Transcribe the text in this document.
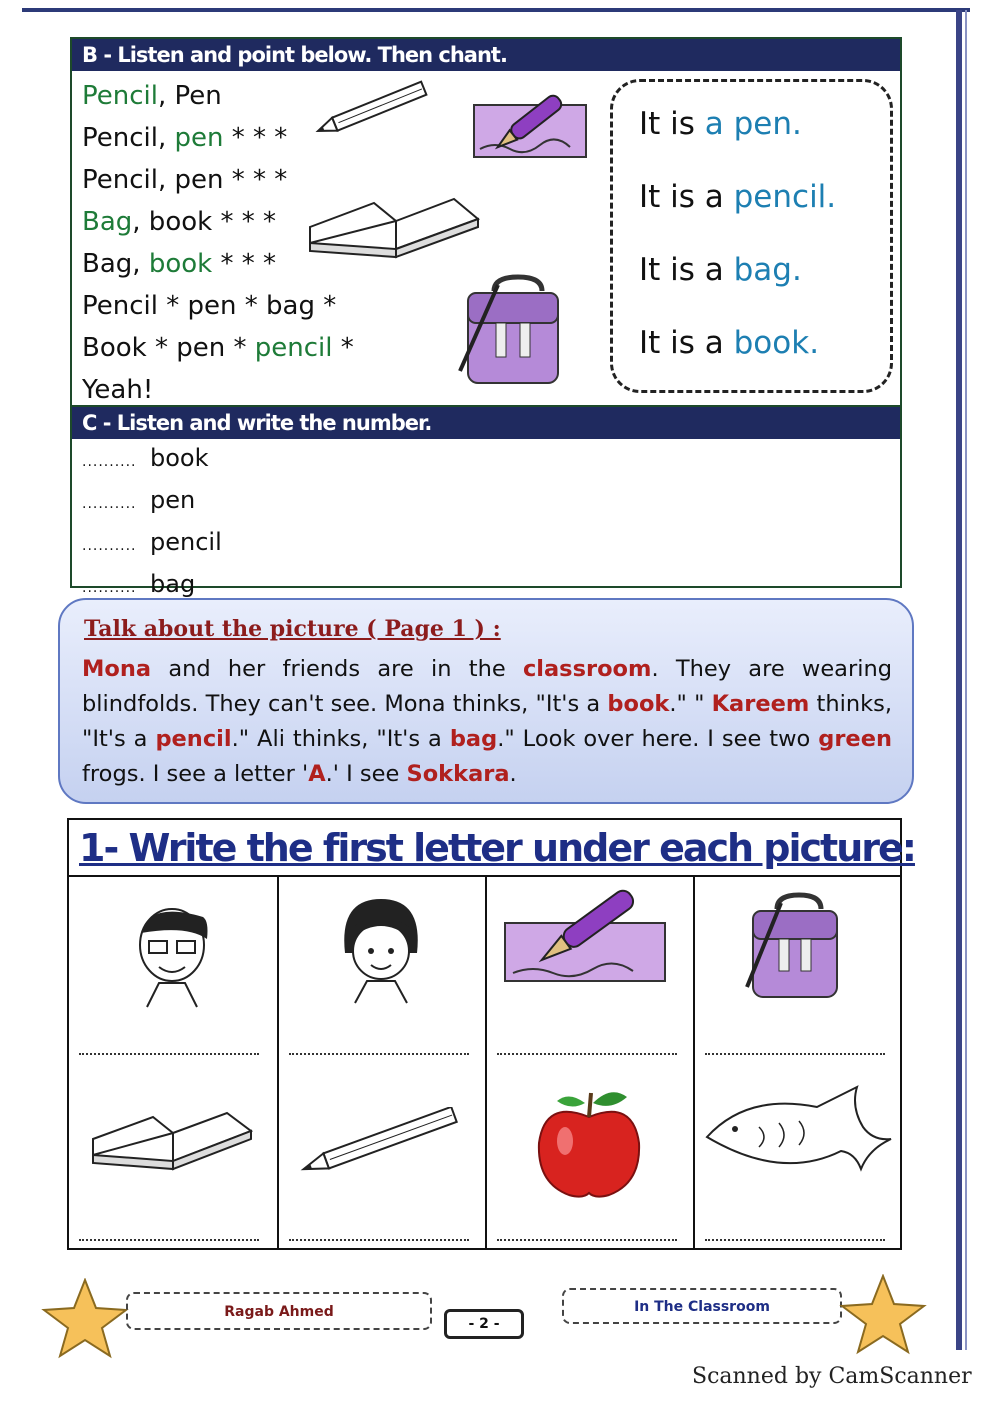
B - Listen and point below. Then chant.
Pencil, Pen
Pencil, pen * * *
Pencil, pen * * *
Bag, book * * *
Bag, book * * *
Pencil * pen * bag *
Book * pen * pencil *
Yeah!
It is a pen.
It is a pencil.
It is a bag.
It is a book.
C - Listen and write the number.
.......... book
.......... pen
.......... pencil
.......... bag
Talk about the picture ( Page 1 ) :
Mona and her friends are in the classroom. They are wearing blindfolds. They can't see. Mona thinks, "It's a book." " Kareem thinks, "It's a pencil." Ali thinks, "It's a bag." Look over here. I see two green frogs. I see a letter 'A.' I see Sokkara.
1- Write the first letter under each picture:
Ragab Ahmed
- 2 -
In The Classroom
Scanned by CamScanner
